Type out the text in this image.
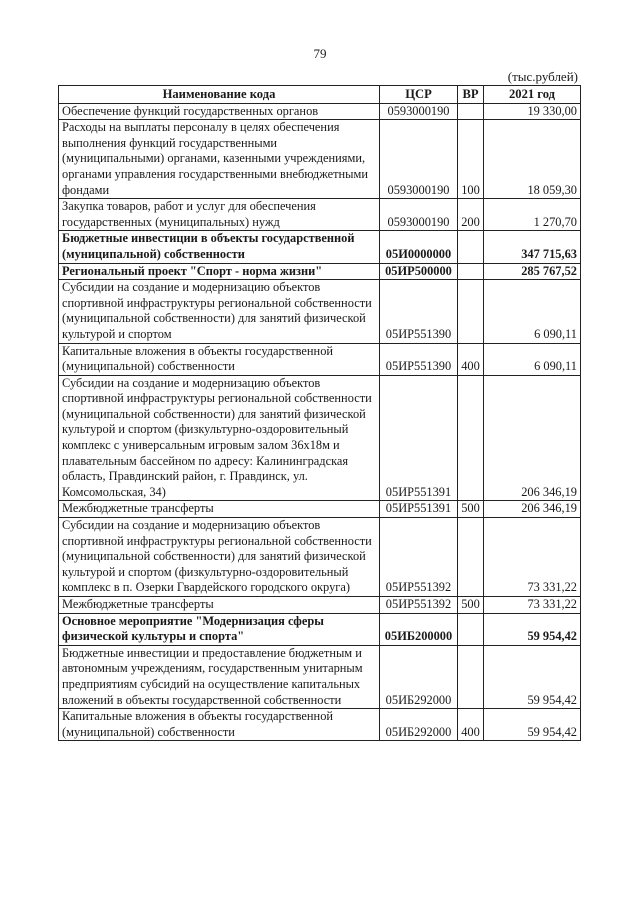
79
(тыс.рублей)
Наименование кода	ЦСР	ВР	2021 год
Обеспечение функций государственных органов	0593000190		19 330,00
Расходы на выплаты персоналу в целях обеспечения выполнения функций государственными (муниципальными) органами, казенными учреждениями, органами управления государственными внебюджетными фондами	0593000190	100	18 059,30
Закупка товаров, работ и услуг для обеспечения государственных (муниципальных) нужд	0593000190	200	1 270,70
Бюджетные инвестиции в объекты государственной (муниципальной) собственности	05И0000000		347 715,63
Региональный проект "Спорт - норма жизни"	05ИР500000		285 767,52
Субсидии на создание и модернизацию объектов спортивной инфраструктуры региональной собственности (муниципальной собственности) для занятий физической культурой и спортом	05ИР551390		6 090,11
Капитальные вложения в объекты государственной (муниципальной) собственности	05ИР551390	400	6 090,11
Субсидии на создание и модернизацию объектов спортивной инфраструктуры региональной собственности (муниципальной собственности) для занятий физической культурой и спортом (физкультурно-оздоровительный комплекс с универсальным игровым залом 36х18м и плавательным бассейном по адресу: Калининградская область, Правдинский район, г. Правдинск, ул. Комсомольская, 34)	05ИР551391		206 346,19
Межбюджетные трансферты	05ИР551391	500	206 346,19
Субсидии на создание и модернизацию объектов спортивной инфраструктуры региональной собственности (муниципальной собственности) для занятий физической культурой и спортом (физкультурно-оздоровительный комплекс в п. Озерки Гвардейского городского округа)	05ИР551392		73 331,22
Межбюджетные трансферты	05ИР551392	500	73 331,22
Основное мероприятие "Модернизация сферы физической культуры и спорта"	05ИБ200000		59 954,42
Бюджетные инвестиции и предоставление бюджетным и автономным учреждениям, государственным унитарным предприятиям субсидий на осуществление капитальных вложений в объекты государственной собственности	05ИБ292000		59 954,42
Капитальные вложения в объекты государственной (муниципальной) собственности	05ИБ292000	400	59 954,42
